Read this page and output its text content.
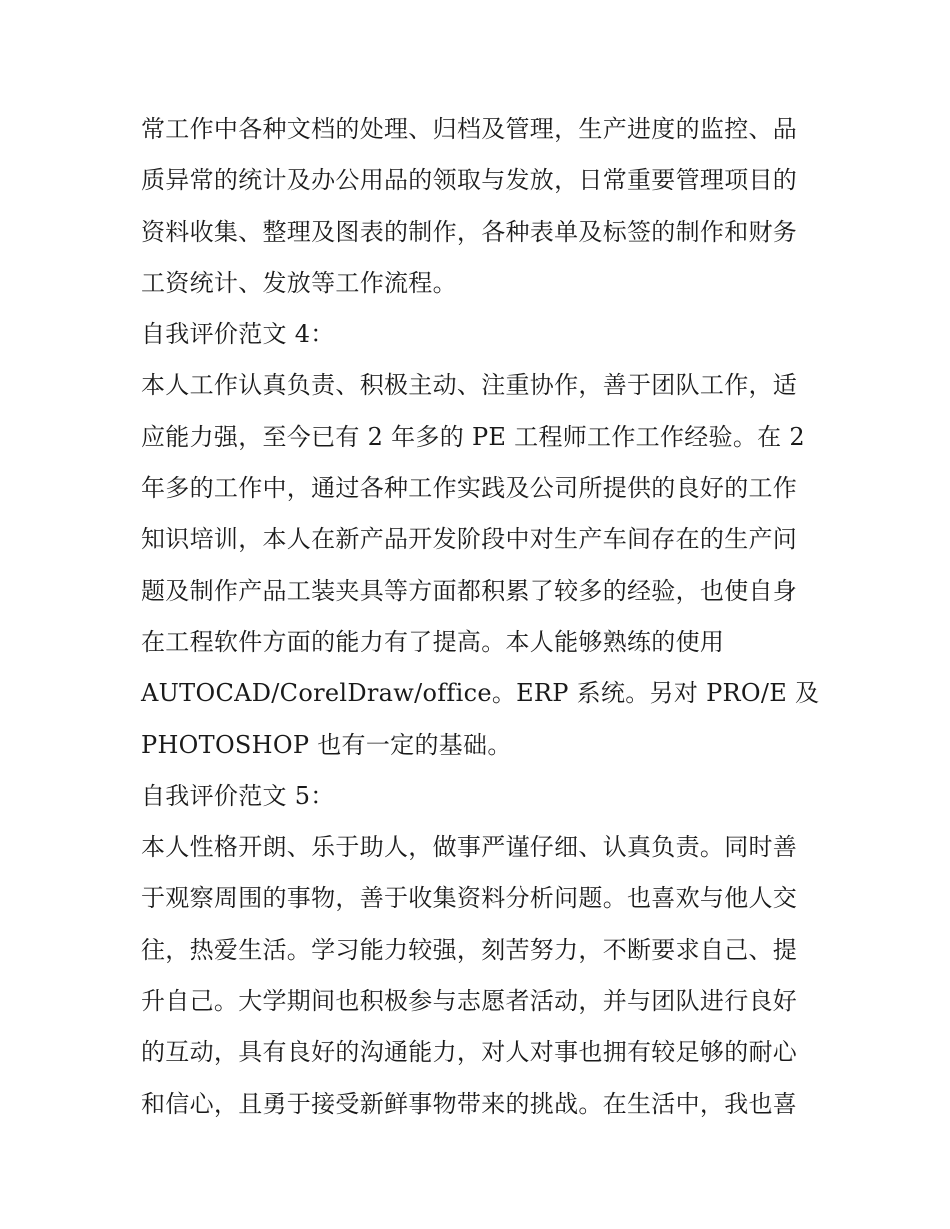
常工作中各种文档的处理、归档及管理，生产进度的监控、品
质异常的统计及办公用品的领取与发放，日常重要管理项目的
资料收集、整理及图表的制作，各种表单及标签的制作和财务
工资统计、发放等工作流程。
自我评价范文 4：
本人工作认真负责、积极主动、注重协作，善于团队工作，适
应能力强，至今已有 2 年多的 PE 工程师工作工作经验。在 2
年多的工作中，通过各种工作实践及公司所提供的良好的工作
知识培训，本人在新产品开发阶段中对生产车间存在的生产问
题及制作产品工装夹具等方面都积累了较多的经验，也使自身
在工程软件方面的能力有了提高。本人能够熟练的使用
AUTOCAD/CorelDraw/office。ERP 系统。另对 PRO/E 及
PHOTOSHOP 也有一定的基础。
自我评价范文 5：
本人性格开朗、乐于助人，做事严谨仔细、认真负责。同时善
于观察周围的事物，善于收集资料分析问题。也喜欢与他人交
往，热爱生活。学习能力较强，刻苦努力，不断要求自己、提
升自己。大学期间也积极参与志愿者活动，并与团队进行良好
的互动，具有良好的沟通能力，对人对事也拥有较足够的耐心
和信心，且勇于接受新鲜事物带来的挑战。在生活中，我也喜
